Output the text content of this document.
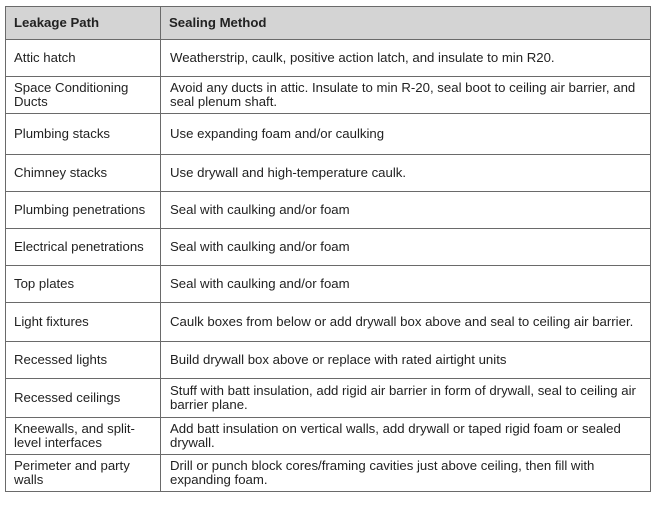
Leakage Path	Sealing Method
Attic hatch	Weatherstrip, caulk, positive action latch, and insulate to min R20.
Space Conditioning Ducts	Avoid any ducts in attic. Insulate to min R-20, seal boot to ceiling air barrier, and seal plenum shaft.
Plumbing stacks	Use expanding foam and/or caulking
Chimney stacks	Use drywall and high-temperature caulk.
Plumbing penetrations	Seal with caulking and/or foam
Electrical penetrations	Seal with caulking and/or foam
Top plates	Seal with caulking and/or foam
Light fixtures	Caulk boxes from below or add drywall box above and seal to ceiling air barrier.
Recessed lights	Build drywall box above or replace with rated airtight units
Recessed ceilings	Stuff with batt insulation, add rigid air barrier in form of drywall, seal to ceiling air barrier plane.
Kneewalls, and split-level interfaces	Add batt insulation on vertical walls, add drywall or taped rigid foam or sealed drywall.
Perimeter and party walls	Drill or punch block cores/framing cavities just above ceiling, then fill with expanding foam.
